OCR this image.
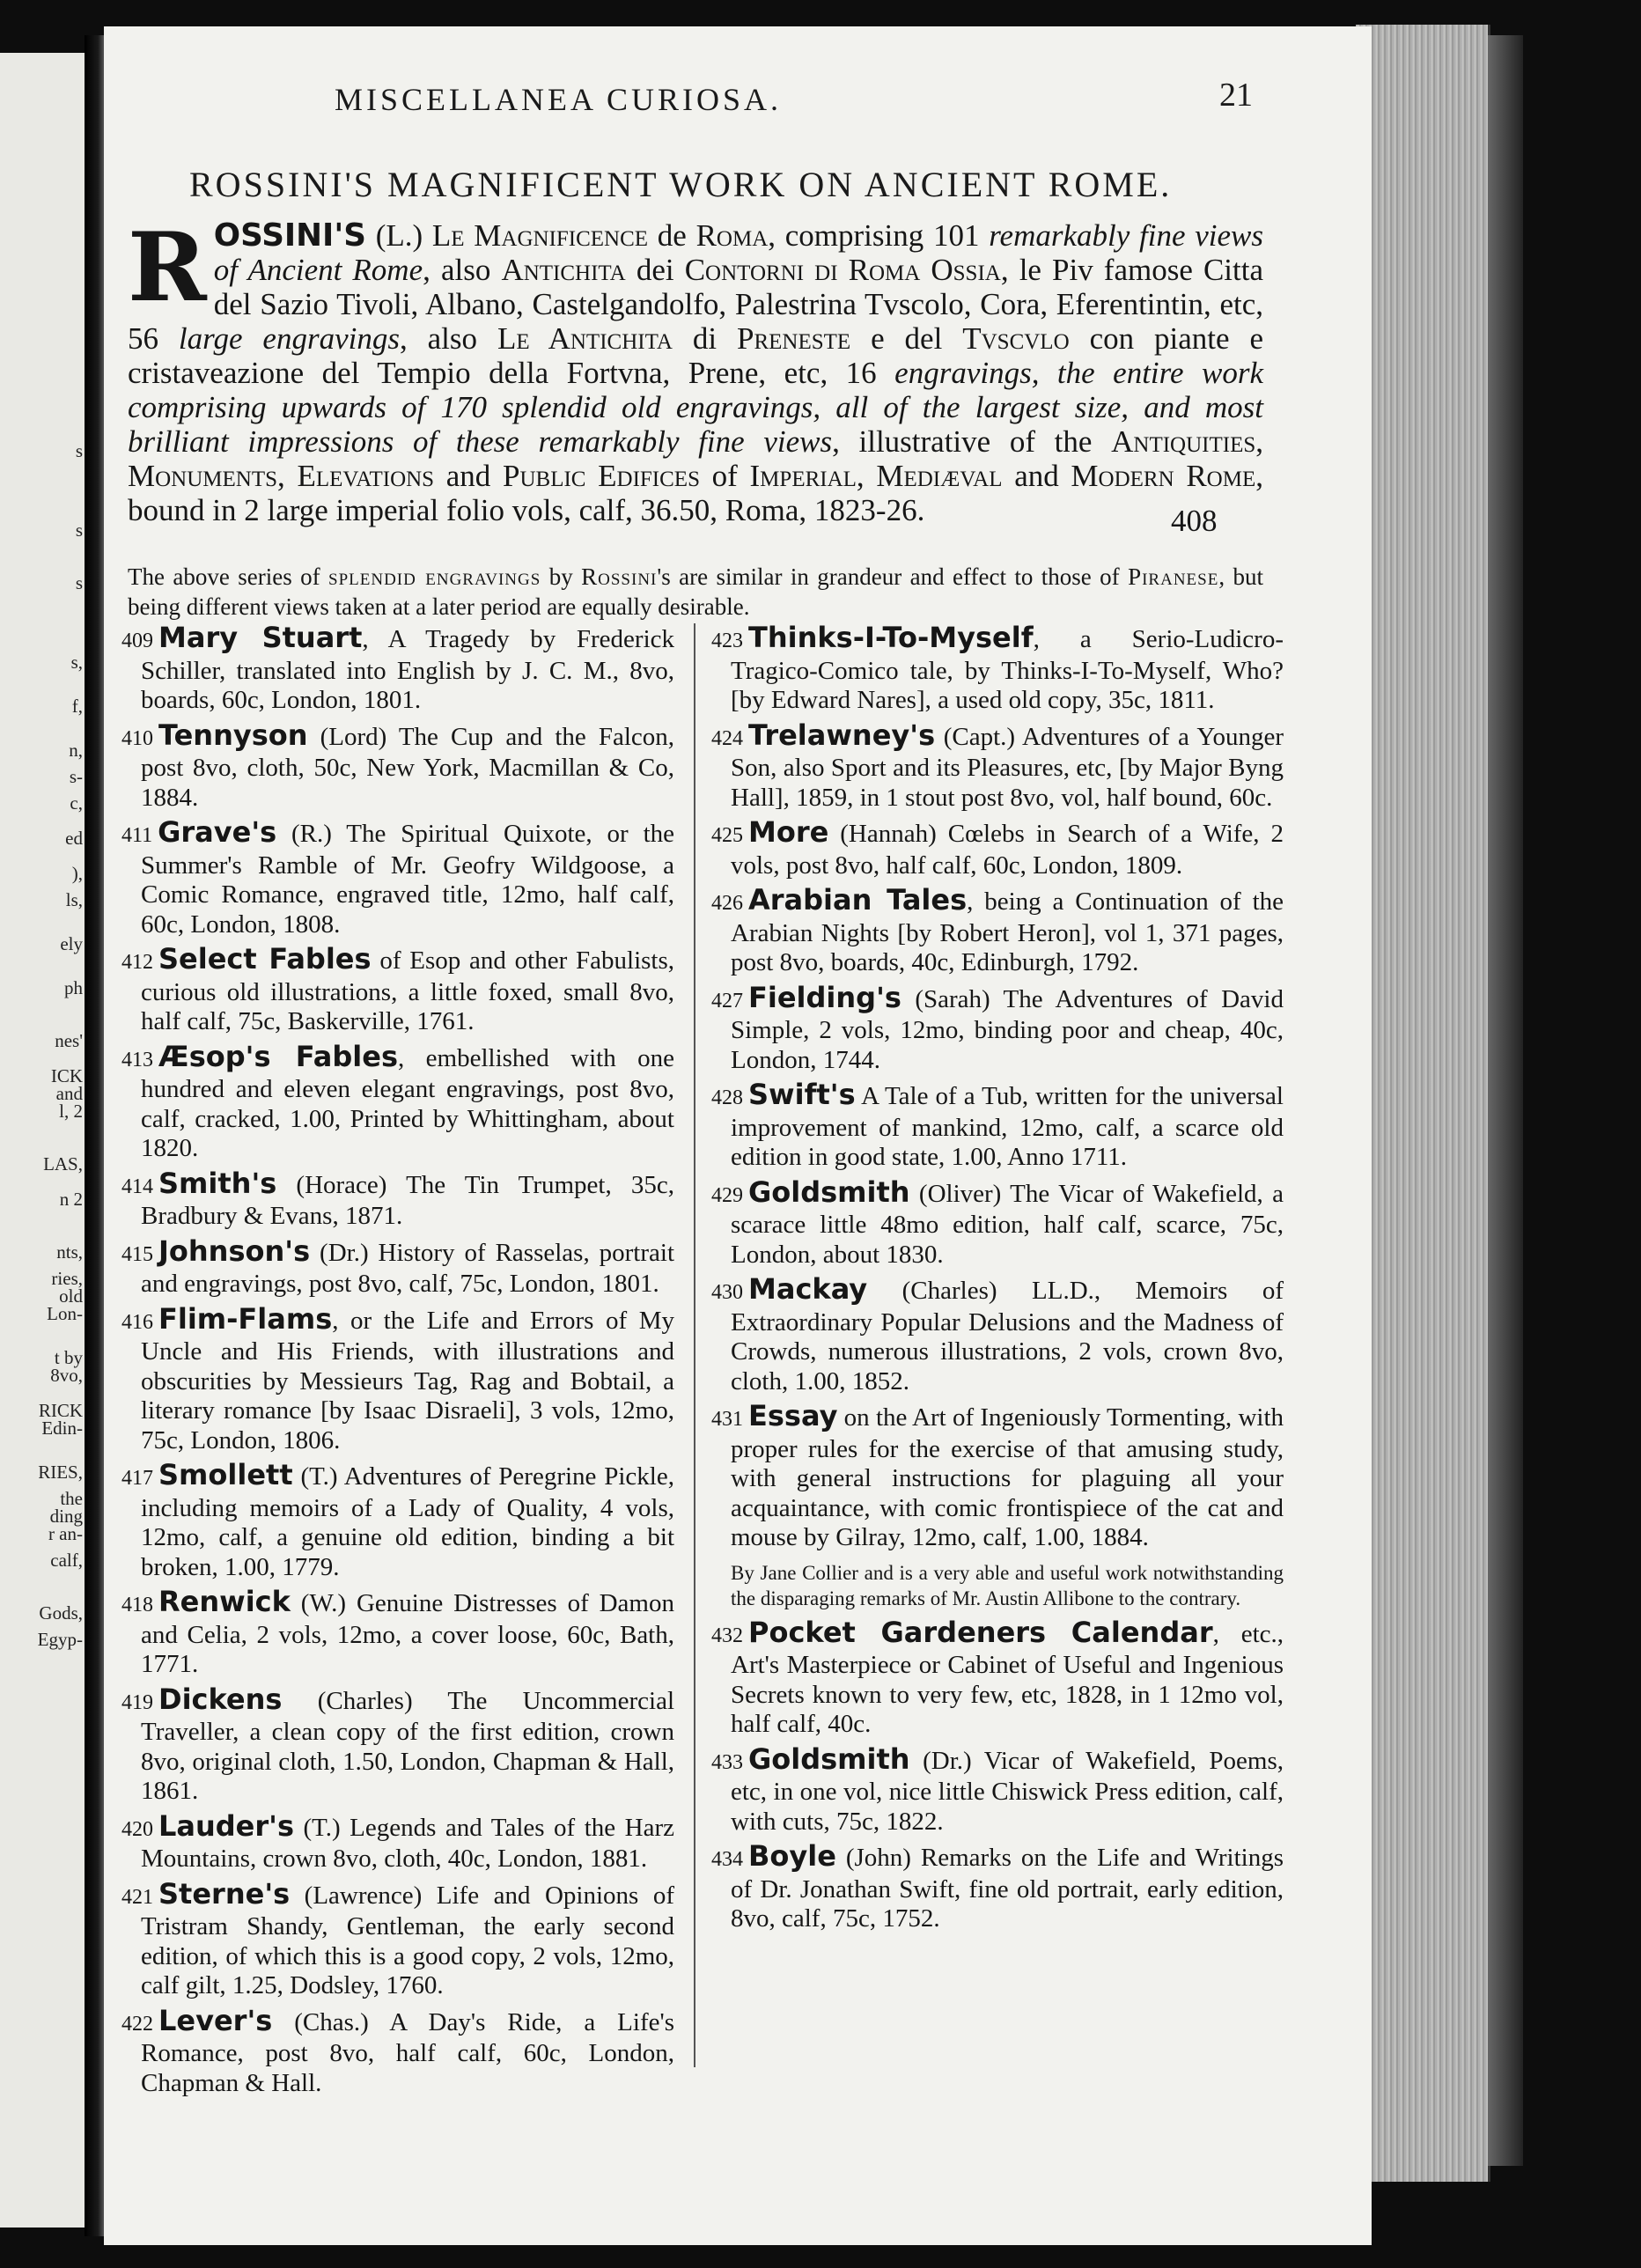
s
s
s
s,
f,
n,
s-
c,
ed
),
ls,
ely
ph
nes'
ICK
and
l, 2
LAS,
n 2
nts,
ries,
old
Lon-
t by
8vo,
RICK
Edin-
RIES,
the
ding
r an-
calf,
Gods,
Egyp-
MISCELLANEA CURIOSA.	21
ROSSINI'S MAGNIFICENT WORK ON ANCIENT ROME.
ROSSINI'S (L.) Le Magnificence de Roma, comprising 101 remarkably fine views of Ancient Rome, also Antichita dei Contorni di Roma Ossia, le Piv famose Citta del Sazio Tivoli, Albano, Castelgandolfo, Palestrina Tvscolo, Cora, Eferentintin, etc, 56 large engravings, also Le Antichita di Preneste e del Tvscvlo con piante e cristaveazione del Tempio della Fortvna, Prene, etc, 16 engravings, the entire work comprising upwards of 170 splendid old engravings, all of the largest size, and most brilliant impressions of these remarkably fine views, illustrative of the Antiquities, Monuments, Elevations and Public Edifices of Imperial, Mediæval and Modern Rome, bound in 2 large imperial folio vols, calf, 36.50, Roma, 1823-26.	408
The above series of splendid engravings by Rossini's are similar in grandeur and effect to those of Piranese, but being different views taken at a later period are equally desirable.
409 Mary Stuart, A Tragedy by Frederick Schiller, translated into English by J. C. M., 8vo, boards, 60c, London, 1801.
410 Tennyson (Lord) The Cup and the Falcon, post 8vo, cloth, 50c, New York, Macmillan & Co, 1884.
411 Grave's (R.) The Spiritual Quixote, or the Summer's Ramble of Mr. Geofry Wildgoose, a Comic Romance, engraved title, 12mo, half calf, 60c, London, 1808.
412 Select Fables of Esop and other Fabulists, curious old illustrations, a little foxed, small 8vo, half calf, 75c, Baskerville, 1761.
413 Æsop's Fables, embellished with one hundred and eleven elegant engravings, post 8vo, calf, cracked, 1.00, Printed by Whittingham, about 1820.
414 Smith's (Horace) The Tin Trumpet, 35c, Bradbury & Evans, 1871.
415 Johnson's (Dr.) History of Rasselas, portrait and engravings, post 8vo, calf, 75c, London, 1801.
416 Flim-Flams, or the Life and Errors of My Uncle and His Friends, with illustrations and obscurities by Messieurs Tag, Rag and Bobtail, a literary romance [by Isaac Disraeli], 3 vols, 12mo, 75c, London, 1806.
417 Smollett (T.) Adventures of Peregrine Pickle, including memoirs of a Lady of Quality, 4 vols, 12mo, calf, a genuine old edition, binding a bit broken, 1.00, 1779.
418 Renwick (W.) Genuine Distresses of Damon and Celia, 2 vols, 12mo, a cover loose, 60c, Bath, 1771.
419 Dickens (Charles) The Uncommercial Traveller, a clean copy of the first edition, crown 8vo, original cloth, 1.50, London, Chapman & Hall, 1861.
420 Lauder's (T.) Legends and Tales of the Harz Mountains, crown 8vo, cloth, 40c, London, 1881.
421 Sterne's (Lawrence) Life and Opinions of Tristram Shandy, Gentleman, the early second edition, of which this is a good copy, 2 vols, 12mo, calf gilt, 1.25, Dodsley, 1760.
422 Lever's (Chas.) A Day's Ride, a Life's Romance, post 8vo, half calf, 60c, London, Chapman & Hall.
423 Thinks-I-To-Myself, a Serio-Ludicro-Tragico-Comico tale, by Thinks-I-To-Myself, Who? [by Edward Nares], a used old copy, 35c, 1811.
424 Trelawney's (Capt.) Adventures of a Younger Son, also Sport and its Pleasures, etc, [by Major Byng Hall], 1859, in 1 stout post 8vo, vol, half bound, 60c.
425 More (Hannah) Cœlebs in Search of a Wife, 2 vols, post 8vo, half calf, 60c, London, 1809.
426 Arabian Tales, being a Continuation of the Arabian Nights [by Robert Heron], vol 1, 371 pages, post 8vo, boards, 40c, Edinburgh, 1792.
427 Fielding's (Sarah) The Adventures of David Simple, 2 vols, 12mo, binding poor and cheap, 40c, London, 1744.
428 Swift's A Tale of a Tub, written for the universal improvement of mankind, 12mo, calf, a scarce old edition in good state, 1.00, Anno 1711.
429 Goldsmith (Oliver) The Vicar of Wakefield, a scarace little 48mo edition, half calf, scarce, 75c, London, about 1830.
430 Mackay (Charles) LL.D., Memoirs of Extraordinary Popular Delusions and the Madness of Crowds, numerous illustrations, 2 vols, crown 8vo, cloth, 1.00, 1852.
431 Essay on the Art of Ingeniously Tormenting, with proper rules for the exercise of that amusing study, with general instructions for plaguing all your acquaintance, with comic frontispiece of the cat and mouse by Gilray, 12mo, calf, 1.00, 1884.
By Jane Collier and is a very able and useful work notwithstanding the disparaging remarks of Mr. Austin Allibone to the contrary.
432 Pocket Gardeners Calendar, etc., Art's Masterpiece or Cabinet of Useful and Ingenious Secrets known to very few, etc, 1828, in 1 12mo vol, half calf, 40c.
433 Goldsmith (Dr.) Vicar of Wakefield, Poems, etc, in one vol, nice little Chiswick Press edition, calf, with cuts, 75c, 1822.
434 Boyle (John) Remarks on the Life and Writings of Dr. Jonathan Swift, fine old portrait, early edition, 8vo, calf, 75c, 1752.
